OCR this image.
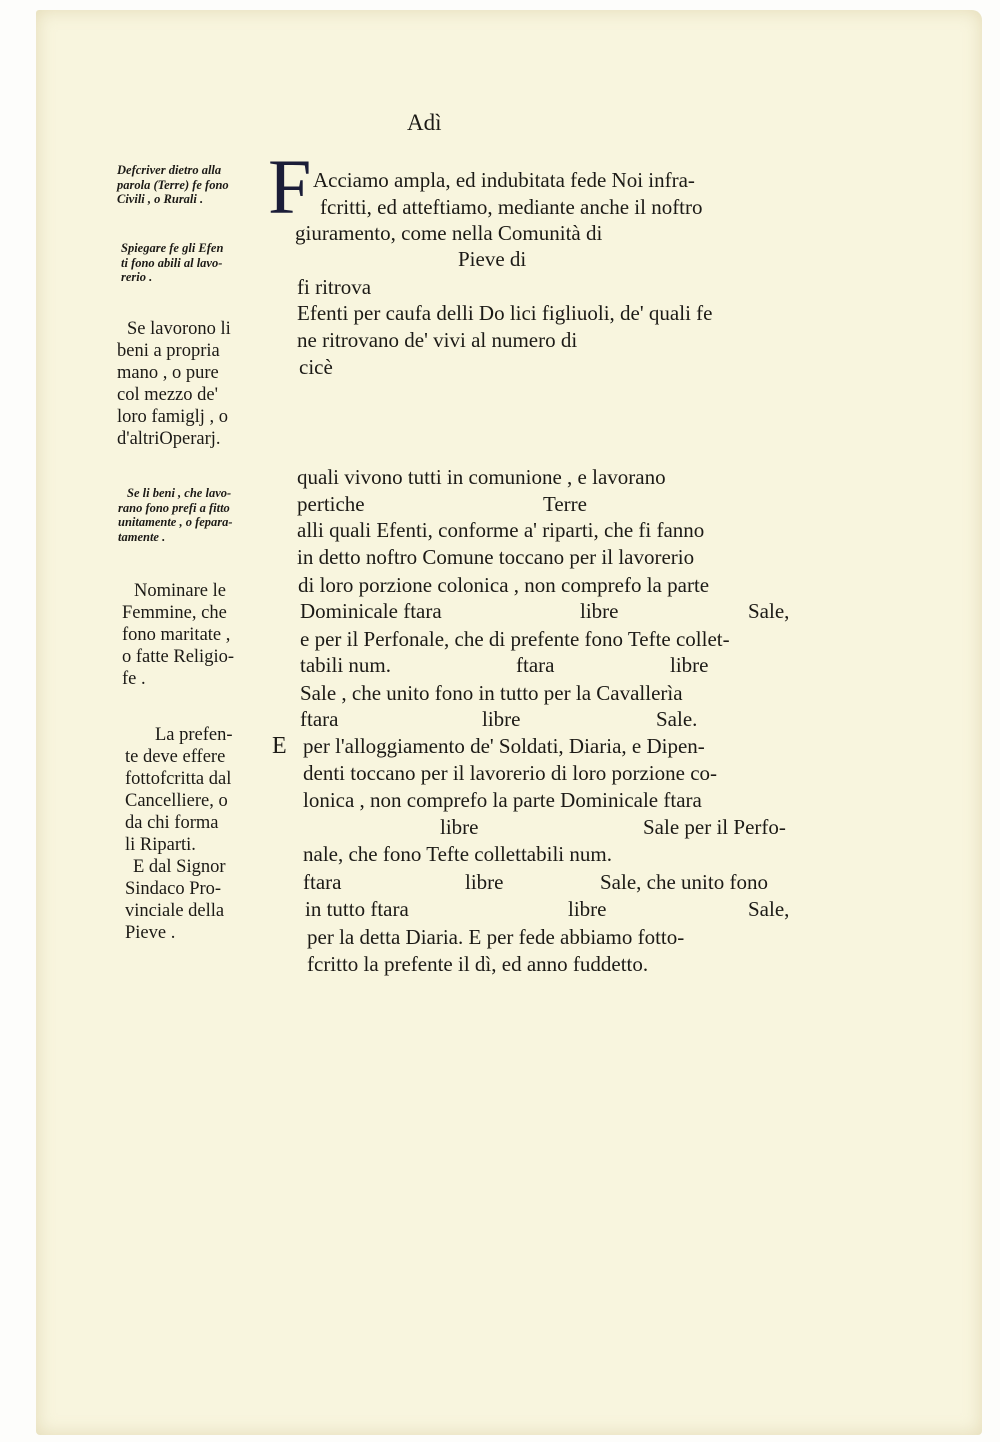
Adì
F Acciamo ampla, ed indubitata fede Noi infra-
fcritti, ed atteftiamo, mediante anche il noftro
giuramento, come nella Comunità di
Pieve di
fi ritrova
Efenti per caufa delli Do lici figliuoli, de' quali fe
ne ritrovano de' vivi al numero di
cicè
quali vivono tutti in comunione , e lavorano
pertiche	Terre
alli quali Efenti, conforme a' riparti, che fi fanno
in detto noftro Comune toccano per il lavorerio
di loro porzione colonica , non comprefo la parte
Dominicale ftara	libre	Sale,
e per il Perfonale, che di prefente fono Tefte collet-
tabili num.	ftara	libre
Sale , che unito fono in tutto per la Cavallerìa
ftara	libre	Sale.
E per l'alloggiamento de' Soldati, Diaria, e Dipen-
denti toccano per il lavorerio di loro porzione co-
lonica , non comprefo la parte Dominicale ftara
libre	Sale per il Perfo-
nale, che fono Tefte collettabili num.
ftara	libre	Sale, che unito fono
in tutto ftara	libre	Sale,
per la detta Diaria. E per fede abbiamo fotto-
fcritto la prefente il dì, ed anno fuddetto.
Defcriver dietro alla
parola (Terre) fe fono
Civili , o Rurali .
Spiegare fe gli Efen
ti fono abili al lavo-
rerio .
Se lavorono li
beni a propria
mano , o pure
col mezzo de'
loro famiglj , o
d'altriOperarj.
Se li beni , che lavo-
rano fono prefi a fitto
unitamente , o fepara-
tamente .
Nominare le
Femmine, che
fono maritate ,
o fatte Religio-
fe .
La prefen-
te deve effere
fottofcritta dal
Cancelliere, o
da chi forma
li Riparti.
E dal Signor
Sindaco Pro-
vinciale della
Pieve .
